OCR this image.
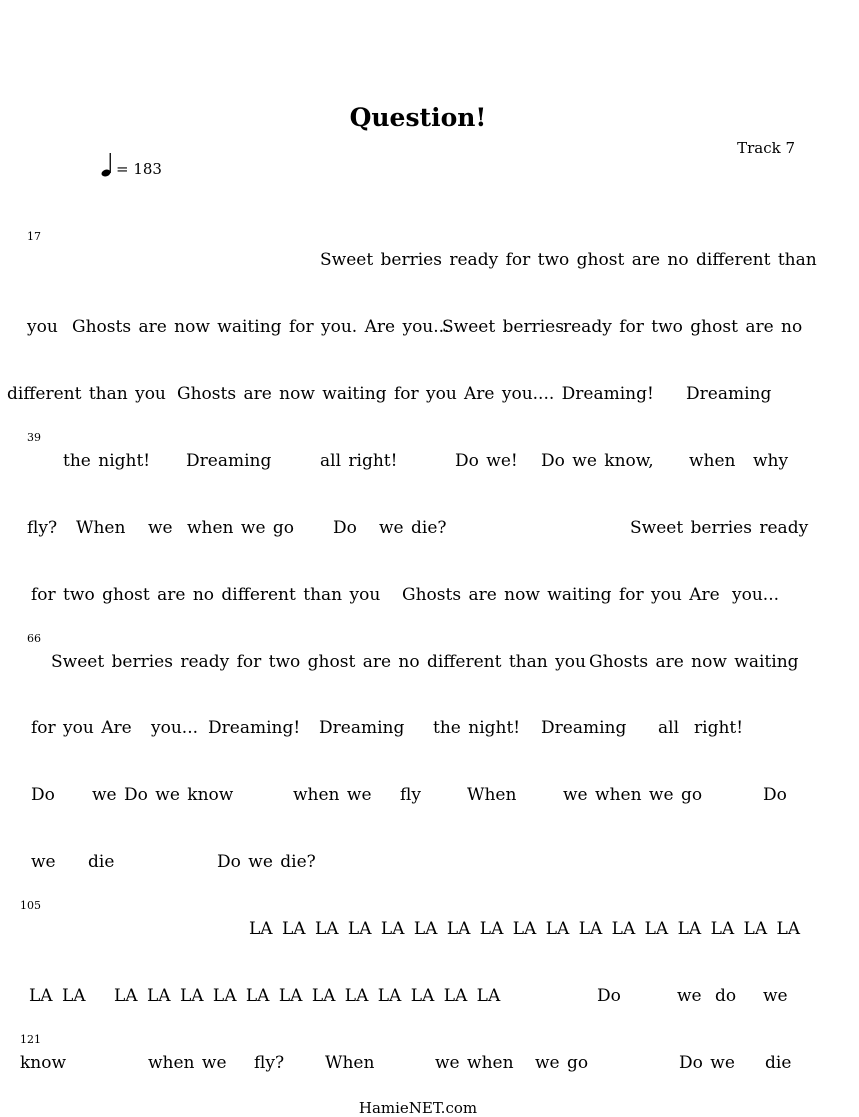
Question!
Track 7
= 183
17
39
66
105
121
Sweet berries ready for two ghost are no different than
you Ghosts are now waiting for you. Are you...
Sweet berries ready for two ghost are no
different than you Ghosts are now waiting for you Are you.... Dreaming! Dreaming
the night! Dreaming	all right!	Do we! Do we know, when why
fly? When we when we go Do we die?	Sweet berries ready
for two ghost are no different than you Ghosts are now waiting for you Are you...
Sweet berries ready for two ghost are no different than you Ghosts are now waiting
for you Are you... Dreaming! Dreaming the night! Dreaming all right!
Do we Do we know	when we fly	When	we when we go	Do
we die	Do we die?
LA LA LA LA LA LA LA LA LA LA LA LA LA LA LA LA LA
LA LA LA LA LA LA LA LA LA LA LA LA LA LA	Do	we do we
know	when we fly? When	we when we go	Do we die
HamieNET.com
